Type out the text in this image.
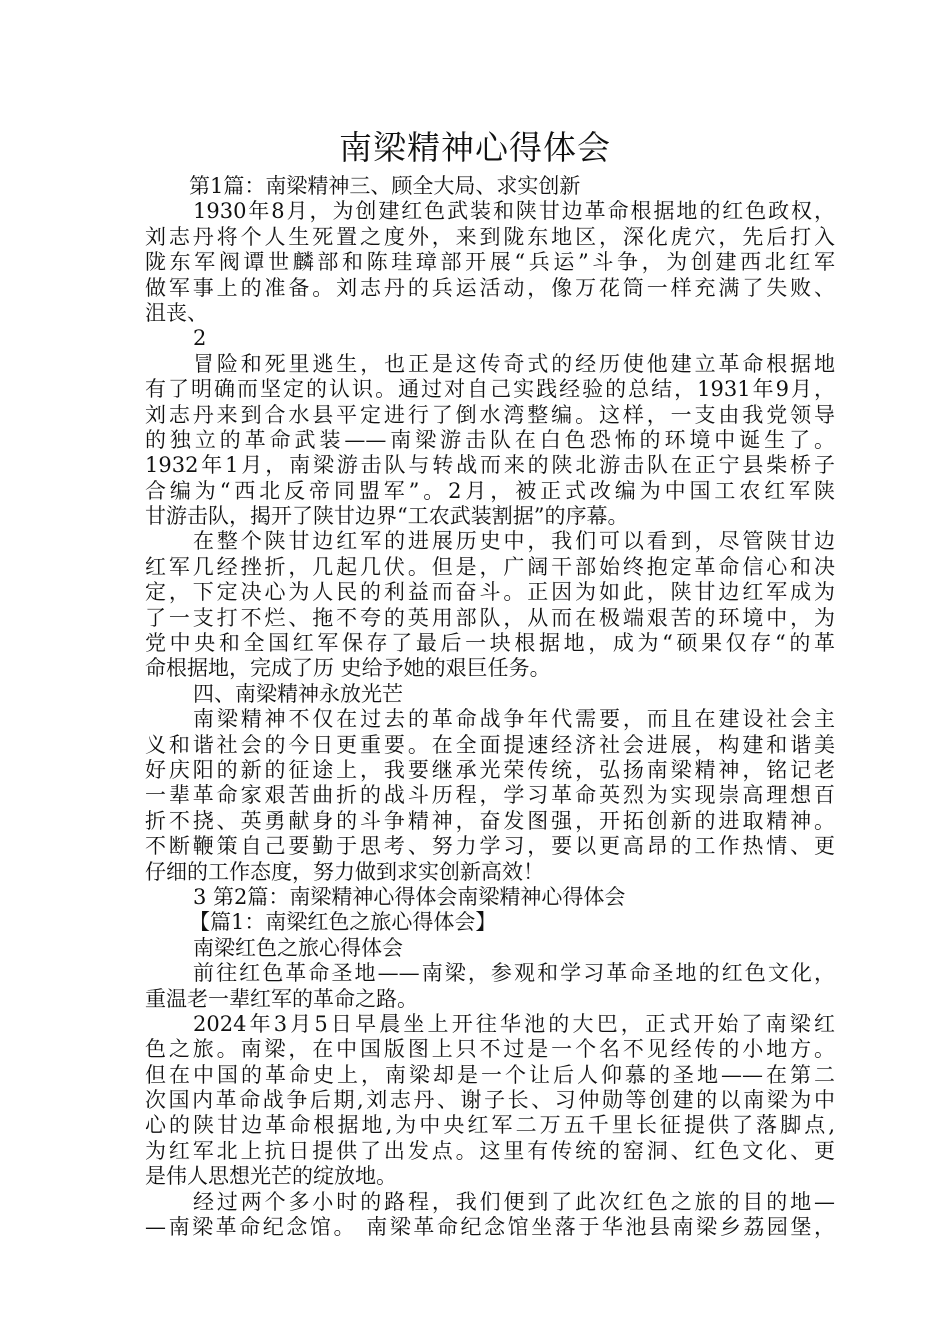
南梁精神心得体会
第1篇：南梁精神三、顾全大局、求实创新
1930年8月，为创建红色武装和陕甘边革命根据地的红色政权，
刘志丹将个人生死置之度外，来到陇东地区，深化虎穴，先后打入
陇东军阀谭世麟部和陈珪璋部开展“兵运”斗争，为创建西北红军
做军事上的准备。刘志丹的兵运活动，像万花筒一样充满了失败、
沮丧、
2
冒险和死里逃生，也正是这传奇式的经历使他建立革命根据地
有了明确而坚定的认识。通过对自己实践经验的总结，1931年9月，
刘志丹来到合水县平定进行了倒水湾整编。这样，一支由我党领导
的独立的革命武装——南梁游击队在白色恐怖的环境中诞生了。
1932年1月，南梁游击队与转战而来的陕北游击队在正宁县柴桥子
合编为“西北反帝同盟军”。2月，被正式改编为中国工农红军陕
甘游击队，揭开了陕甘边界“工农武装割据”的序幕。
在整个陕甘边红军的进展历史中，我们可以看到，尽管陕甘边
红军几经挫折，几起几伏。但是，广阔干部始终抱定革命信心和决
定，下定决心为人民的利益而奋斗。正因为如此，陕甘边红军成为
了一支打不烂、拖不夸的英用部队，从而在极端艰苦的环境中，为
党中央和全国红军保存了最后一块根据地，成为“硕果仅存“的革
命根据地，完成了历 史给予她的艰巨任务。
四、南梁精神永放光芒
南梁精神不仅在过去的革命战争年代需要，而且在建设社会主
义和谐社会的今日更重要。在全面提速经济社会进展，构建和谐美
好庆阳的新的征途上，我要继承光荣传统，弘扬南梁精神，铭记老
一辈革命家艰苦曲折的战斗历程，学习革命英烈为实现崇高理想百
折不挠、英勇献身的斗争精神，奋发图强，开拓创新的进取精神。
不断鞭策自己要勤于思考、努力学习，要以更高昂的工作热情、更
仔细的工作态度，努力做到求实创新高效！
3 第2篇：南梁精神心得体会南梁精神心得体会
【篇1：南梁红色之旅心得体会】
南梁红色之旅心得体会
前往红色革命圣地——南梁，参观和学习革命圣地的红色文化，
重温老一辈红军的革命之路。
2024年3月5日早晨坐上开往华池的大巴，正式开始了南梁红
色之旅。南梁，在中国版图上只不过是一个名不见经传的小地方。
但在中国的革命史上，南梁却是一个让后人仰慕的圣地——在第二
次国内革命战争后期,刘志丹、谢子长、习仲勋等创建的以南梁为中
心的陕甘边革命根据地,为中央红军二万五千里长征提供了落脚点,
为红军北上抗日提供了出发点。这里有传统的窑洞、红色文化、更
是伟人思想光芒的绽放地。
经过两个多小时的路程，我们便到了此次红色之旅的目的地—
—南梁革命纪念馆。 南梁革命纪念馆坐落于华池县南梁乡荔园堡，
